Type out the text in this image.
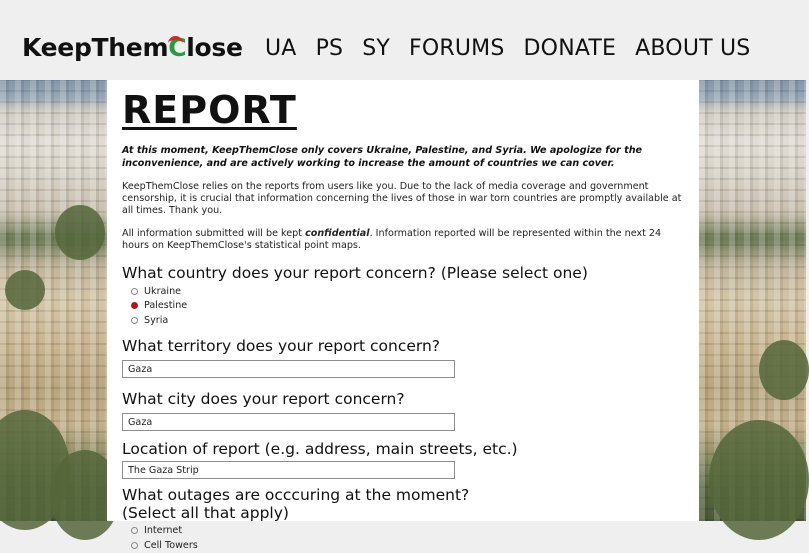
KeepThemClose UA PS SY FORUMS DONATE ABOUT US
REPORT

At this moment, KeepThemClose only covers Ukraine, Palestine, and Syria. We apologize for the inconvenience, and are actively working to increase the amount of countries we can cover.

KeepThemClose relies on the reports from users like you. Due to the lack of media coverage and government censorship, it is crucial that information concerning the lives of those in war torn countries are promptly available at all times. Thank you.

All information submitted will be kept confidential. Information reported will be represented within the next 24 hours on KeepThemClose's statistical point maps.

What country does your report concern? (Please select one)
Ukraine
Palestine
Syria
What territory does your report concern?
Gaza
What city does your report concern?
Gaza
Location of report (e.g. address, main streets, etc.)
The Gaza Strip
What outages are occcuring at the moment?
(Select all that apply)
Internet
Cell Towers
